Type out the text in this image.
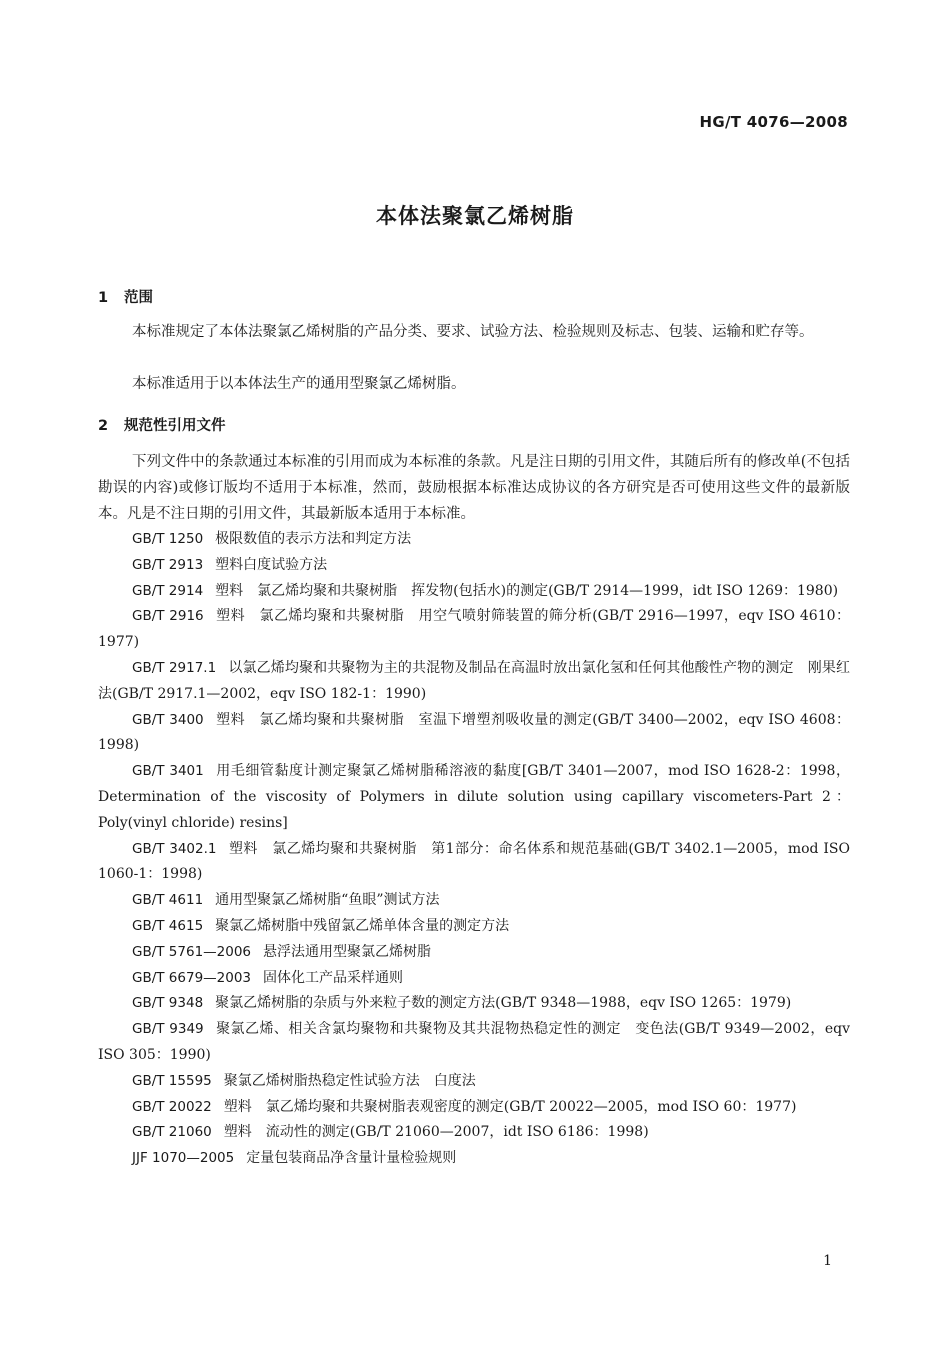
HG/T 4076—2008
本体法聚氯乙烯树脂
1 范围
本标准规定了本体法聚氯乙烯树脂的产品分类、要求、试验方法、检验规则及标志、包装、运输和贮存等。
本标准适用于以本体法生产的通用型聚氯乙烯树脂。
2 规范性引用文件
下列文件中的条款通过本标准的引用而成为本标准的条款。凡是注日期的引用文件，其随后所有的修改单(不包括勘误的内容)或修订版均不适用于本标准，然而，鼓励根据本标准达成协议的各方研究是否可使用这些文件的最新版本。凡是不注日期的引用文件，其最新版本适用于本标准。
GB/T 1250 极限数值的表示方法和判定方法
GB/T 2913 塑料白度试验方法
GB/T 2914 塑料　氯乙烯均聚和共聚树脂　挥发物(包括水)的测定(GB/T 2914—1999，idt ISO 1269：1980)
GB/T 2916 塑料　氯乙烯均聚和共聚树脂　用空气喷射筛装置的筛分析(GB/T 2916—1997，eqv ISO 4610：1977)
GB/T 2917.1 以氯乙烯均聚和共聚物为主的共混物及制品在高温时放出氯化氢和任何其他酸性产物的测定　刚果红法(GB/T 2917.1—2002，eqv ISO 182-1：1990)
GB/T 3400 塑料　氯乙烯均聚和共聚树脂　室温下增塑剂吸收量的测定(GB/T 3400—2002，eqv ISO 4608：1998)
GB/T 3401 用毛细管黏度计测定聚氯乙烯树脂稀溶液的黏度[GB/T 3401—2007，mod ISO 1628-2：1998，Determination of the viscosity of Polymers in dilute solution using capillary viscometers-Part 2：Poly(vinyl chloride) resins]
GB/T 3402.1 塑料　氯乙烯均聚和共聚树脂　第1部分：命名体系和规范基础(GB/T 3402.1—2005，mod ISO 1060-1：1998)
GB/T 4611 通用型聚氯乙烯树脂“鱼眼”测试方法
GB/T 4615 聚氯乙烯树脂中残留氯乙烯单体含量的测定方法
GB/T 5761—2006 悬浮法通用型聚氯乙烯树脂
GB/T 6679—2003 固体化工产品采样通则
GB/T 9348 聚氯乙烯树脂的杂质与外来粒子数的测定方法(GB/T 9348—1988，eqv ISO 1265：1979)
GB/T 9349 聚氯乙烯、相关含氯均聚物和共聚物及其共混物热稳定性的测定　变色法(GB/T 9349—2002，eqv ISO 305：1990)
GB/T 15595 聚氯乙烯树脂热稳定性试验方法　白度法
GB/T 20022 塑料　氯乙烯均聚和共聚树脂表观密度的测定(GB/T 20022—2005，mod ISO 60：1977)
GB/T 21060 塑料　流动性的测定(GB/T 21060—2007，idt ISO 6186：1998)
JJF 1070—2005 定量包装商品净含量计量检验规则
1
